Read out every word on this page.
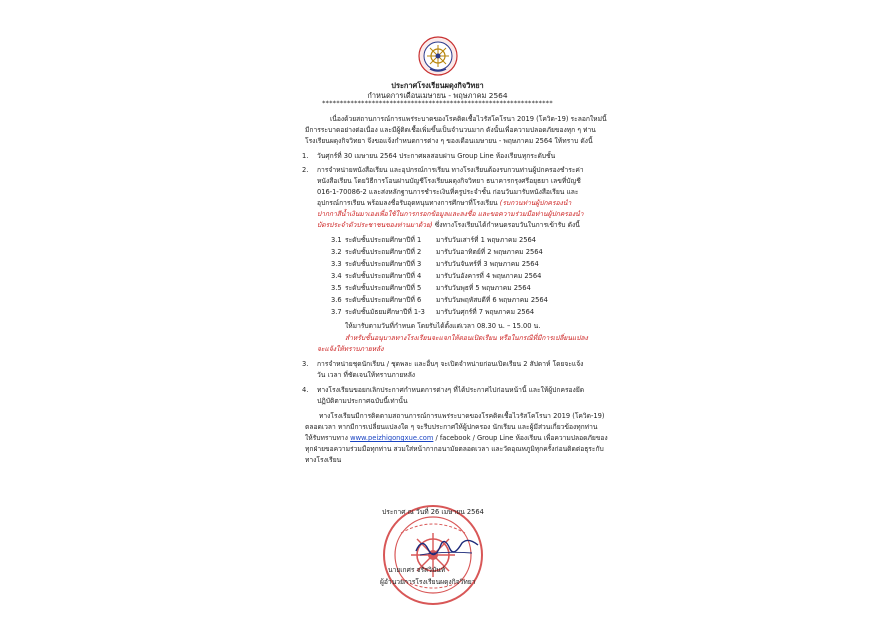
ประกาศโรงเรียนผดุงกิจวิทยา
กำหนดการเดือนเมษายน - พฤษภาคม 2564
*****************************************************************
เนื่องด้วยสถานการณ์การแพร่ระบาดของโรคติดเชื้อไวรัสโคโรนา 2019 (โควิด-19) ระลอกใหม่นี้
มีการระบาดอย่างต่อเนื่อง และมีผู้ติดเชื้อเพิ่มขึ้นเป็นจำนวนมาก ดังนั้นเพื่อความปลอดภัยของทุก ๆ ท่าน
โรงเรียนผดุงกิจวิทยา จึงขอแจ้งกำหนดการต่าง ๆ ของเดือนเมษายน - พฤษภาคม 2564 ให้ทราบ ดังนี้
1. วันศุกร์ที่ 30 เมษายน 2564 ประกาศผลสอบผ่าน Group Line ห้องเรียนทุกระดับชั้น
2. การจำหน่ายหนังสือเรียน และอุปกรณ์การเรียน ทางโรงเรียนต้องรบกวนท่านผู้ปกครองชำระค่า
หนังสือเรียน โดยวิธีการโอนผ่านบัญชีโรงเรียนผดุงกิจวิทยา ธนาคารกรุงศรีอยุธยา เลขที่บัญชี
016-1-70086-2 และส่งหลักฐานการชำระเงินที่ครูประจำชั้น ก่อนวันมารับหนังสือเรียน และ
อุปกรณ์การเรียน พร้อมลงชื่อรับอุดหนุนทางการศึกษาที่โรงเรียน (รบกวนท่านผู้ปกครองนำ
ปากกาสีน้ำเงินมาเองเพื่อใช้ในการกรอกข้อมูลและลงชื่อ และขอความร่วมมือท่านผู้ปกครองนำ
บัตรประจำตัวประชาชนของท่านมาด้วย) ซึ่งทางโรงเรียนได้กำหนดรอบวันในการเข้ารับ ดังนี้
3.1 ระดับชั้นประถมศึกษาปีที่ 1 มารับวันเสาร์ที่ 1 พฤษภาคม 2564
3.2 ระดับชั้นประถมศึกษาปีที่ 2 มารับวันอาทิตย์ที่ 2 พฤษภาคม 2564
3.3 ระดับชั้นประถมศึกษาปีที่ 3 มารับวันจันทร์ที่ 3 พฤษภาคม 2564
3.4 ระดับชั้นประถมศึกษาปีที่ 4 มารับวันอังคารที่ 4 พฤษภาคม 2564
3.5 ระดับชั้นประถมศึกษาปีที่ 5 มารับวันพุธที่ 5 พฤษภาคม 2564
3.6 ระดับชั้นประถมศึกษาปีที่ 6 มารับวันพฤหัสบดีที่ 6 พฤษภาคม 2564
3.7 ระดับชั้นมัธยมศึกษาปีที่ 1-3 มารับวันศุกร์ที่ 7 พฤษภาคม 2564
ให้มารับตามวันที่กำหนด โดยรับได้ตั้งแต่เวลา 08.30 น. – 15.00 น.
สำหรับชั้นอนุบาลทางโรงเรียนจะแจกให้ตอนเปิดเรียน หรือในกรณีที่มีการเปลี่ยนแปลง
จะแจ้งให้ทราบภายหลัง
3. การจำหน่ายชุดนักเรียน / ชุดพละ และอื่นๆ จะเปิดจำหน่ายก่อนเปิดเรียน 2 สัปดาห์ โดยจะแจ้ง
วัน เวลา ที่ชัดเจนให้ทราบภายหลัง
4. ทางโรงเรียนขอยกเลิกประกาศกำหนดการต่างๆ ที่ได้ประกาศไปก่อนหน้านี้ และให้ผู้ปกครองยึด
ปฏิบัติตามประกาศฉบับนี้เท่านั้น
ทางโรงเรียนมีการติดตามสถานการณ์การแพร่ระบาดของโรคติดเชื้อไวรัสโคโรนา 2019 (โควิด-19)
ตลอดเวลา หากมีการเปลี่ยนแปลงใด ๆ จะรีบประกาศให้ผู้ปกครอง นักเรียน และผู้มีส่วนเกี่ยวข้องทุกท่าน
ให้รับทราบทาง www.peizhigongxue.com / facebook / Group Line ห้องเรียน เพื่อความปลอดภัยของ
ทุกฝ่ายขอความร่วมมือทุกท่าน สวมใส่หน้ากากอนามัยตลอดเวลา และวัดอุณหภูมิทุกครั้งก่อนติดต่อธุระกับ
ทางโรงเรียน
ประกาศ ณ วันที่ 26 เมษายน 2564
นายเกศร จรัสวิมันท์
ผู้อำนวยการโรงเรียนผดุงกิจวิทยา
